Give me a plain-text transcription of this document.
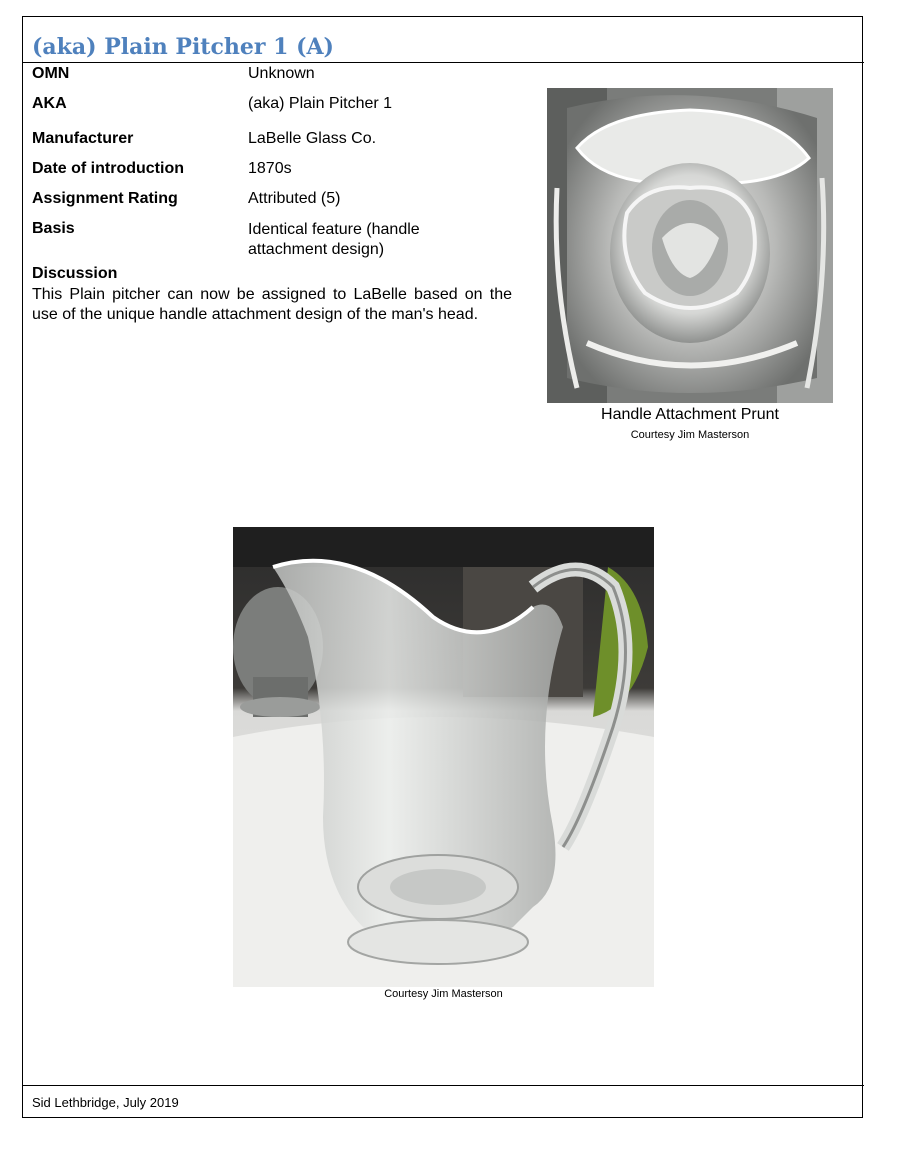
(aka) Plain Pitcher 1 (A)
OMN	Unknown
AKA	(aka) Plain Pitcher 1
Manufacturer	LaBelle Glass Co.
Date of introduction	1870s
Assignment Rating	Attributed (5)
Basis	Identical feature (handle attachment design)
Discussion
This Plain pitcher can now be assigned to LaBelle based on the use of the unique handle attachment design of the man's head.
Handle Attachment Prunt
Courtesy Jim Masterson
Courtesy Jim Masterson
Sid Lethbridge, July 2019
